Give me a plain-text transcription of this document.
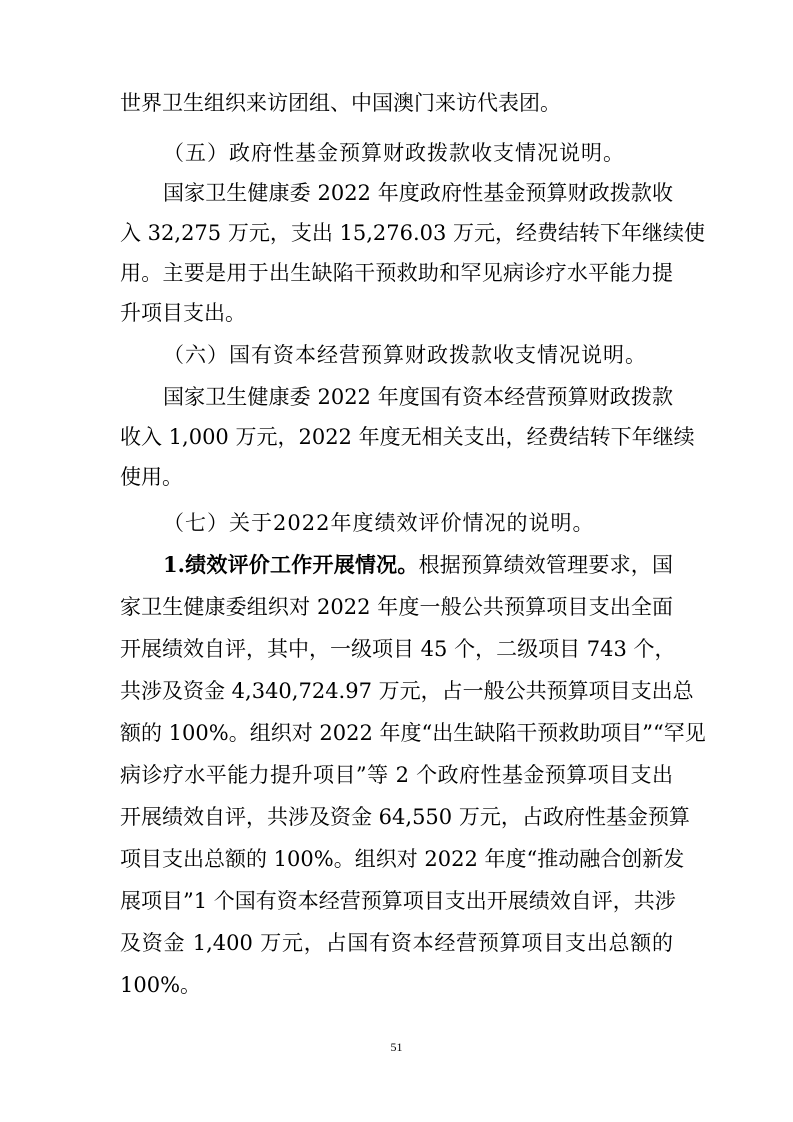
世界卫生组织来访团组、中国澳门来访代表团。
（五）政府性基金预算财政拨款收支情况说明。
国家卫生健康委 2022 年度政府性基金预算财政拨款收
入 32,275 万元，支出 15,276.03 万元，经费结转下年继续使
用。主要是用于出生缺陷干预救助和罕见病诊疗水平能力提
升项目支出。
（六）国有资本经营预算财政拨款收支情况说明。
国家卫生健康委 2022 年度国有资本经营预算财政拨款
收入 1,000 万元，2022 年度无相关支出，经费结转下年继续
使用。
（七）关于2022年度绩效评价情况的说明。
1.绩效评价工作开展情况。根据预算绩效管理要求，国
家卫生健康委组织对 2022 年度一般公共预算项目支出全面
开展绩效自评，其中，一级项目 45 个，二级项目 743 个，
共涉及资金 4,340,724.97 万元，占一般公共预算项目支出总
额的 100%。组织对 2022 年度“出生缺陷干预救助项目”“罕见
病诊疗水平能力提升项目”等 2 个政府性基金预算项目支出
开展绩效自评，共涉及资金 64,550 万元，占政府性基金预算
项目支出总额的 100%。组织对 2022 年度“推动融合创新发
展项目”1 个国有资本经营预算项目支出开展绩效自评，共涉
及资金 1,400 万元，占国有资本经营预算项目支出总额的
100%。
51
